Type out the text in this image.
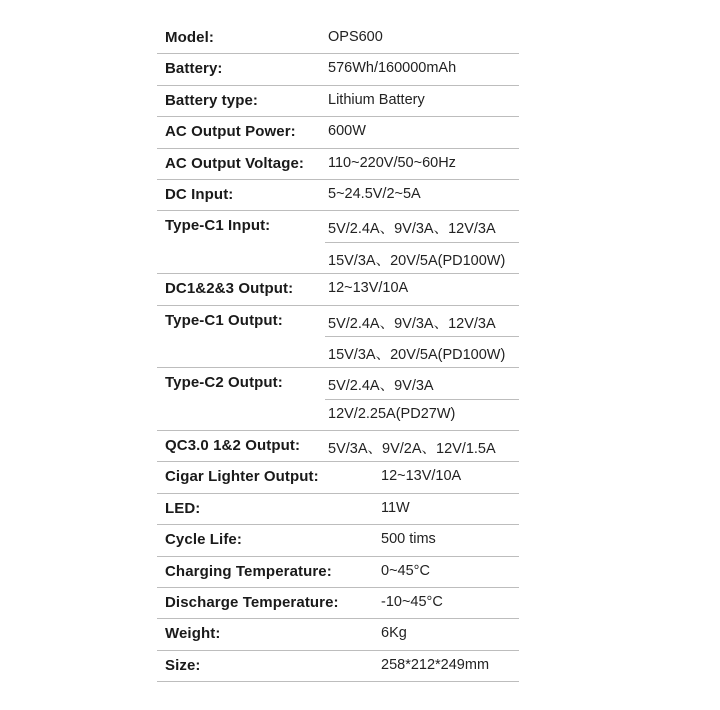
Model:	OPS600
Battery:	576Wh/160000mAh
Battery type:	Lithium Battery
AC Output Power: 600W
AC Output Voltage: 110~220V/50~60Hz
DC Input:	5~24.5V/2~5A
Type-C1 Input:	5V/2.4A、9V/3A、12V/3A
15V/3A、20V/5A(PD100W)
DC1&2&3 Output: 12~13V/10A
Type-C1 Output:	5V/2.4A、9V/3A、12V/3A
15V/3A、20V/5A(PD100W)
Type-C2 Output:	5V/2.4A、9V/3A
12V/2.25A(PD27W)
QC3.0 1&2 Output: 5V/3A、9V/2A、12V/1.5A
Cigar Lighter Output:	12~13V/10A
LED:	11W
Cycle Life:	500 tims
Charging Temperature:	0~45°C
Discharge Temperature:	-10~45°C
Weight:	6Kg
Size:	258*212*249mm
